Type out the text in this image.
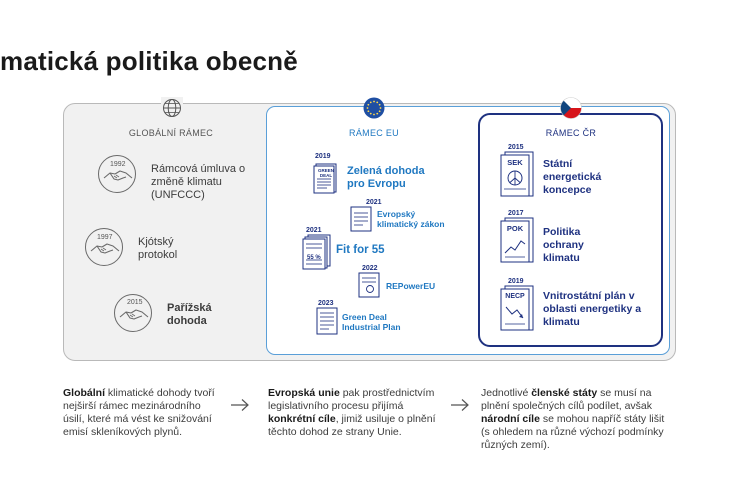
matická politika obecně
GLOBÁLNÍ RÁMEC	RÁMEC EU	RÁMEC ČR
1992 Rámcová úmluva o změně klimatu (UNFCCC)
1997 Kjótský protokol
2015 Pařížská dohoda
2019
GREEN DEAL	Zelená dohoda pro Evropu
2021
Evropský klimatický zákon
2021
55 %
Fit for 55
2022
REPowerEU
2023
Green Deal Industrial Plan
2015
SEK	Státní energetická koncepce
2017
POK	Politika ochrany klimatu
2019
NECP	Vnitrostátní plán v oblasti energetiky a klimatu
Globální klimatické dohody tvoří nejširší rámec mezinárodního úsilí, které má vést ke snižování emisí skleníkových plynů.
Evropská unie pak prostřednictvím legislativního procesu přijímá konkrétní cíle, jimiž usiluje o plnění těchto dohod ze strany Unie.
Jednotlivé členské státy se musí na plnění společných cílů podílet, avšak národní cíle se mohou napříč státy lišit (s ohledem na různé výchozí podmínky různých zemí).
